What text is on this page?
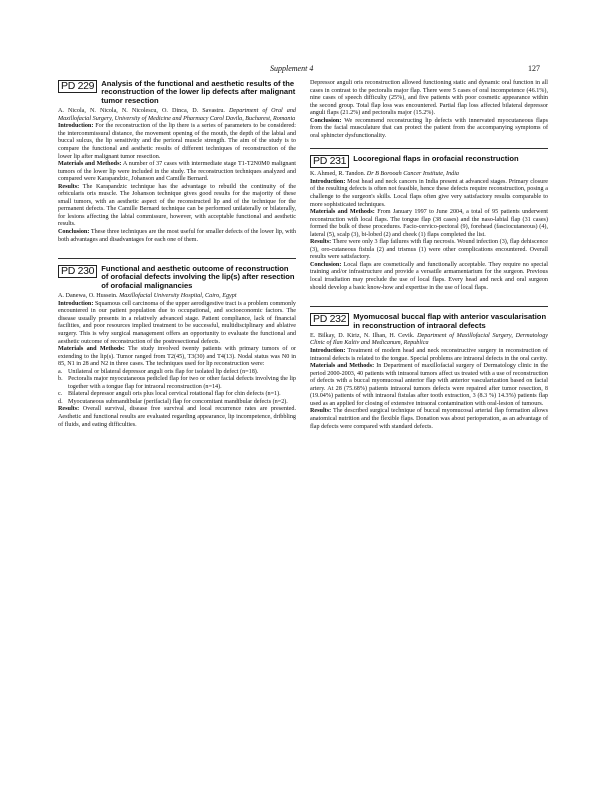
Supplement 4	127
PD 229 Analysis of the functional and aesthetic results of the reconstruction of the lower lip defects after malignant tumor resection

A. Nicola, N. Nicola, N. Nicolescu, O. Dinca, D. Savastru. Department of Oral and Maxillofacial Surgery, University of Medicine and Pharmacy Carol Davila, Bucharest, Romania

Introduction: For the reconstruction of the lip there is a series of parameters to be considered: the intercommissural distance, the movement opening of the mouth, the depth of the labial and buccal sulcus, the lip sensitivity and the perioral muscle strength. The aim of the study is to compare the functional and aesthetic results of different techniques of reconstruction of the lower lip after malignant tumor resection.

Materials and Methods: A number of 37 cases with intermediate stage T1-T2N0M0 malignant tumors of the lower lip were included in the study. The reconstruction techniques analyzed and compared were Karapandzic, Johanson and Camille Bernard.

Results: The Karapandzic technique has the advantage to rebuild the continuity of the orbicularis oris muscle. The Johanson technique gives good results for the majority of these small tumors, with an aesthetic aspect of the reconstructed lip and of the technique for the permanent defects. The Camille Bernard technique can be performed unilaterally or bilaterally, for lesions affecting the labial commissure, however, with acceptable functional and aesthetic results.

Conclusion: These three techniques are the most useful for smaller defects of the lower lip, with both advantages and disadvantages for each one of them.

PD 230 Functional and aesthetic outcome of reconstruction of orofacial defects involving the lip(s) after resection of orofacial malignancies

A. Danewa, O. Hussein. Maxillofacial University Hospital, Cairo, Egypt

Introduction: Squamous cell carcinoma of the upper aerodigestive tract is a problem commonly encountered in our patient population due to occupational, and socioeconomic factors. The disease usually presents in a relatively advanced stage. Patient compliance, lack of financial facilities, and poor resources implied treatment to be successful, multidisciplinary and ablative surgery. This is why surgical management offers an opportunity to evaluate the functional and aesthetic outcome of reconstruction of the postresectional defects.

Materials and Methods: The study involved twenty patients with primary tumors of or extending to the lip(s). Tumor ranged from T2(45), T3(30) and T4(13). Nodal status was N0 in 85, N1 in 28 and N2 in three cases. The techniques used for lip reconstruction were:

a. Unilateral or bilateral depressor anguli oris flap for isolated lip defect (n=18).
b. Pectoralis major myocutaneous pedicled flap for two or other facial defects involving the lip together with a tongue flap for intraoral reconstruction (n=14).
c. Bilateral depressor anguli oris plus local cervical rotational flap for chin defects (n=1).
d. Myocutaneous submandibular (perifacial) flap for concomitant mandibular defects (n=2).

Results: Overall survival, disease free survival and local recurrence rates are presented. Aesthetic and functional results are evaluated regarding appearance, lip incompetence, dribbling of fluids, and eating difficulties.

Depressor anguli oris reconstruction allowed functioning static and dynamic oral function in all cases in contrast to the pectoralis major flap. There were 5 cases of oral incompetence (46.1%), nine cases of speech difficulty (25%), and five patients with poor cosmetic appearance within the second group. Total flap loss was encountered. Partial flap loss affected bilateral depressor anguli flaps (21.2%) and pectoralis major (15.2%).

Conclusion: We recommend reconstructing lip defects with innervated myocutaneous flaps from the facial musculature that can protect the patient from the accompanying symptoms of oral sphincter dysfunctionality.

PD 231 Locoregional flaps in orofacial reconstruction

K. Ahmed, R. Tandon. Dr B Borooah Cancer Institute, India

Introduction: Most head and neck cancers in India present at advanced stages. Primary closure of the resulting defects is often not feasible, hence these defects require reconstruction, posing a challenge to the surgeon's skills. Local flaps often give very satisfactory results comparable to more sophisticated techniques.

Materials and Methods: From January 1997 to June 2004, a total of 95 patients underwent reconstruction with local flaps. The tongue flap (38 cases) and the naso-labial flap (31 cases) formed the bulk of these procedures. Facio-cervico-pectoral (9), forehead (fasciocutaneous) (4), lateral (5), scalp (3), bi-lobed (2) and cheek (1) flaps completed the list.

Results: There were only 3 flap failures with flap necrosis. Wound infection (3), flap dehiscence (3), oro-cutaneous fistula (2) and trismus (1) were other complications encountered. Overall results were satisfactory.

Conclusion: Local flaps are cosmetically and functionally acceptable. They require no special training and/or infrastructure and provide a versatile armamentarium for the surgeon. Previous local irradiation may preclude the use of local flaps. Every head and neck and oral surgeon should develop a basic know-how and expertise in the use of local flaps.

PD 232 Myomucosal buccal flap with anterior vascularisation in reconstruction of intraoral defects

E. Bilkay, D. Kiriz, N. Ilhan, H. Cevik. Department of Maxillofacial Surgery, Dermatology Clinic of Ilan Kaltiv and Medicanum, Republica

Introduction: Treatment of modern head and neck reconstructive surgery in reconstruction of intraoral defects is related to the tongue. Special problems are intraoral defects in the oral cavity.

Materials and Methods: In Department of maxillofacial surgery of Dermatology clinic in the period 2000-2003, 40 patients with intraoral tumors affect us treated with a use of reconstruction of defects with a buccal myomucosal anterior flap with anterior vascularization based on facial artery. At 28 (75.68%) patients intraoral tumors defects were repaired after tumor resection, 8 (19.04%) patients of with intraoral fistulas after tooth extraction, 3 (8.3 %) 14.3%) patients flap used as an applied for closing of extensive intraoral contamination with oral-lesion of tumours.

Results: The described surgical technique of buccal myomucosal arterial flap formation allows anatomical nutrition and the flexible flaps. Donation was about perioperation, as an advantage of flap defects were compared with standard defects.
